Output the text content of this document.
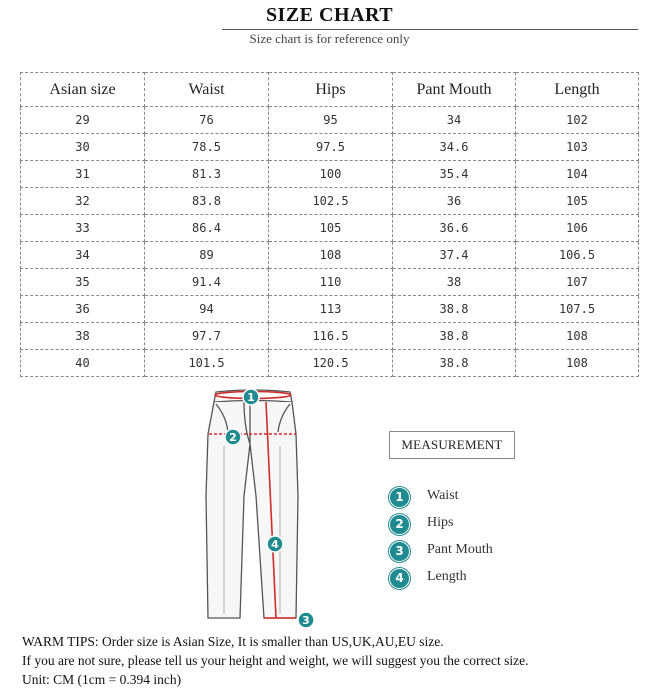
SIZE CHART
Size chart is for reference only
Asian size	Waist	Hips	Pant Mouth	Length
29	76	95	34	102
30	78.5	97.5	34.6	103
31	81.3	100	35.4	104
32	83.8	102.5	36	105
33	86.4	105	36.6	106
34	89	108	37.4	106.5
35	91.4	110	38	107
36	94	113	38.8	107.5
38	97.7	116.5	38.8	108
40	101.5	120.5	38.8	108
1
2
4
3
MEASUREMENT
1	Waist
2	Hips
3	Pant Mouth
4	Length
WARM TIPS: Order size is Asian Size, It is smaller than US,UK,AU,EU size.
If you are not sure, please tell us your height and weight, we will suggest you the correct size.
Unit: CM (1cm = 0.394 inch)
